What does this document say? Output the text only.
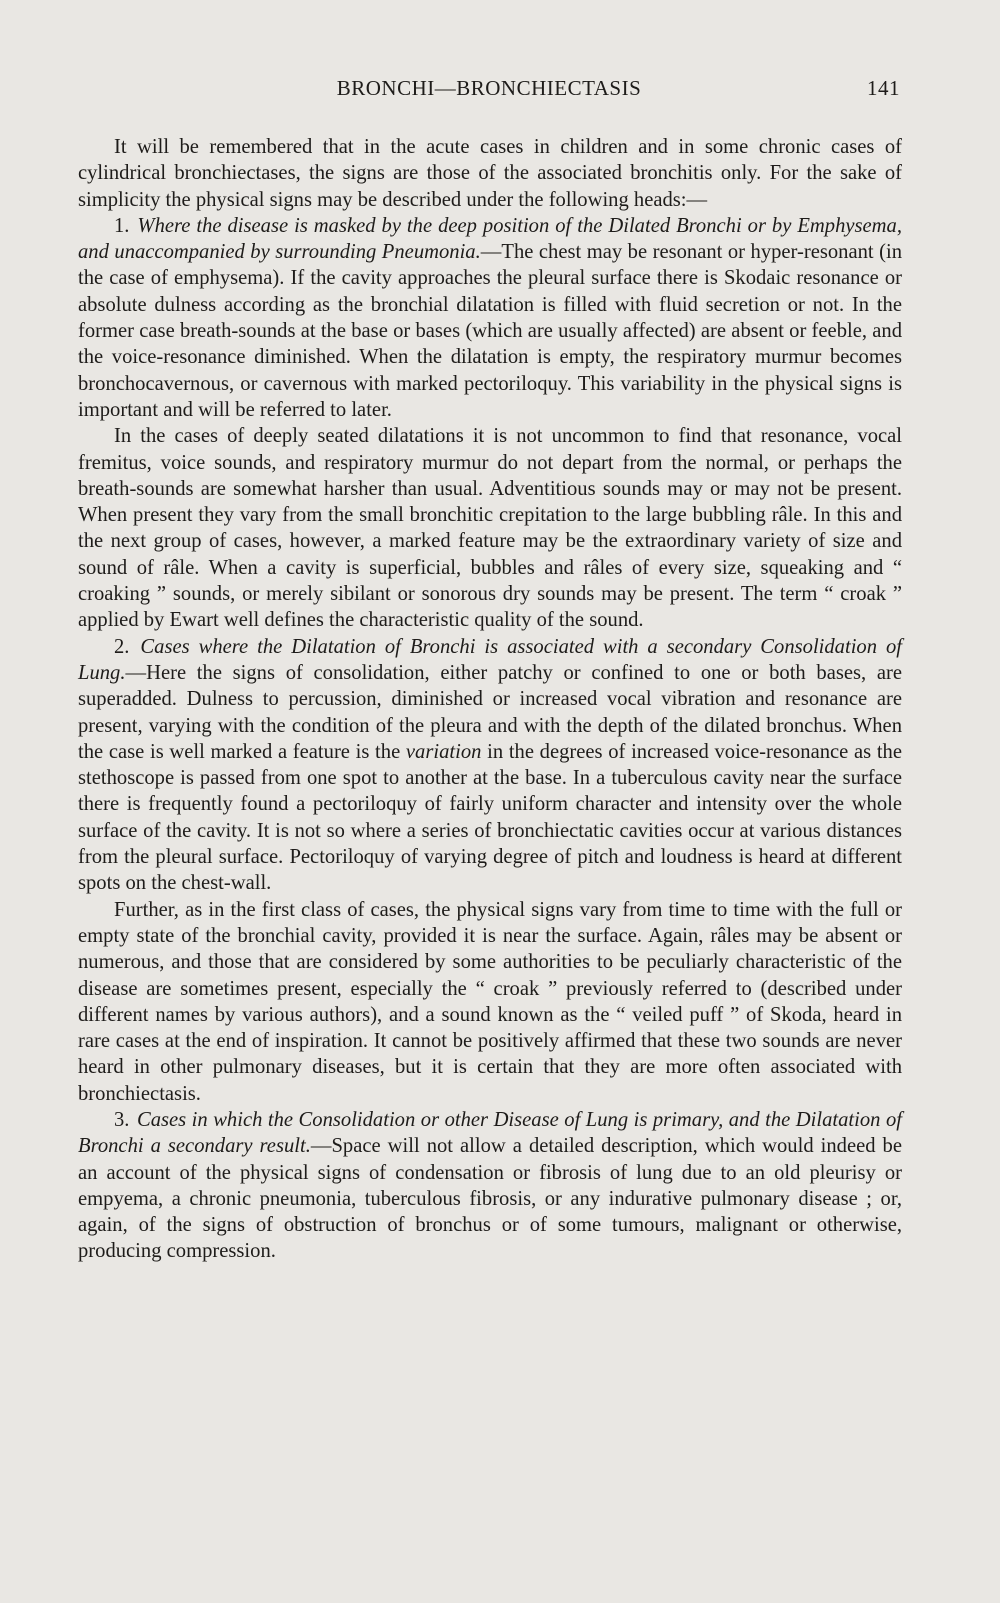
BRONCHI—BRONCHIECTASIS	141

It will be remembered that in the acute cases in children and in some chronic cases of cylindrical bronchiectases, the signs are those of the associated bronchitis only. For the sake of simplicity the physical signs may be described under the following heads:—

1. Where the disease is masked by the deep position of the Dilated Bronchi or by Emphysema, and unaccompanied by surrounding Pneumonia.—The chest may be resonant or hyper-resonant (in the case of emphysema). If the cavity approaches the pleural surface there is Skodaic resonance or absolute dulness according as the bronchial dilatation is filled with fluid secretion or not. In the former case breath-sounds at the base or bases (which are usually affected) are absent or feeble, and the voice-resonance diminished. When the dilatation is empty, the respiratory murmur becomes bronchocavernous, or cavernous with marked pectoriloquy. This variability in the physical signs is important and will be referred to later.

In the cases of deeply seated dilatations it is not uncommon to find that resonance, vocal fremitus, voice sounds, and respiratory murmur do not depart from the normal, or perhaps the breath-sounds are somewhat harsher than usual. Adventitious sounds may or may not be present. When present they vary from the small bronchitic crepitation to the large bubbling râle. In this and the next group of cases, however, a marked feature may be the extraordinary variety of size and sound of râle. When a cavity is superficial, bubbles and râles of every size, squeaking and “ croaking ” sounds, or merely sibilant or sonorous dry sounds may be present. The term “ croak ” applied by Ewart well defines the characteristic quality of the sound.

2. Cases where the Dilatation of Bronchi is associated with a secondary Consolidation of Lung.—Here the signs of consolidation, either patchy or confined to one or both bases, are superadded. Dulness to percussion, diminished or increased vocal vibration and resonance are present, varying with the condition of the pleura and with the depth of the dilated bronchus. When the case is well marked a feature is the variation in the degrees of increased voice-resonance as the stethoscope is passed from one spot to another at the base. In a tuberculous cavity near the surface there is frequently found a pectoriloquy of fairly uniform character and intensity over the whole surface of the cavity. It is not so where a series of bronchiectatic cavities occur at various distances from the pleural surface. Pectoriloquy of varying degree of pitch and loudness is heard at different spots on the chest-wall.

Further, as in the first class of cases, the physical signs vary from time to time with the full or empty state of the bronchial cavity, provided it is near the surface. Again, râles may be absent or numerous, and those that are considered by some authorities to be peculiarly characteristic of the disease are sometimes present, especially the “ croak ” previously referred to (described under different names by various authors), and a sound known as the “ veiled puff ” of Skoda, heard in rare cases at the end of inspiration. It cannot be positively affirmed that these two sounds are never heard in other pulmonary diseases, but it is certain that they are more often associated with bronchiectasis.

3. Cases in which the Consolidation or other Disease of Lung is primary, and the Dilatation of Bronchi a secondary result.—Space will not allow a detailed description, which would indeed be an account of the physical signs of condensation or fibrosis of lung due to an old pleurisy or empyema, a chronic pneumonia, tuberculous fibrosis, or any indurative pulmonary disease ; or, again, of the signs of obstruction of bronchus or of some tumours, malignant or otherwise, producing compression.
